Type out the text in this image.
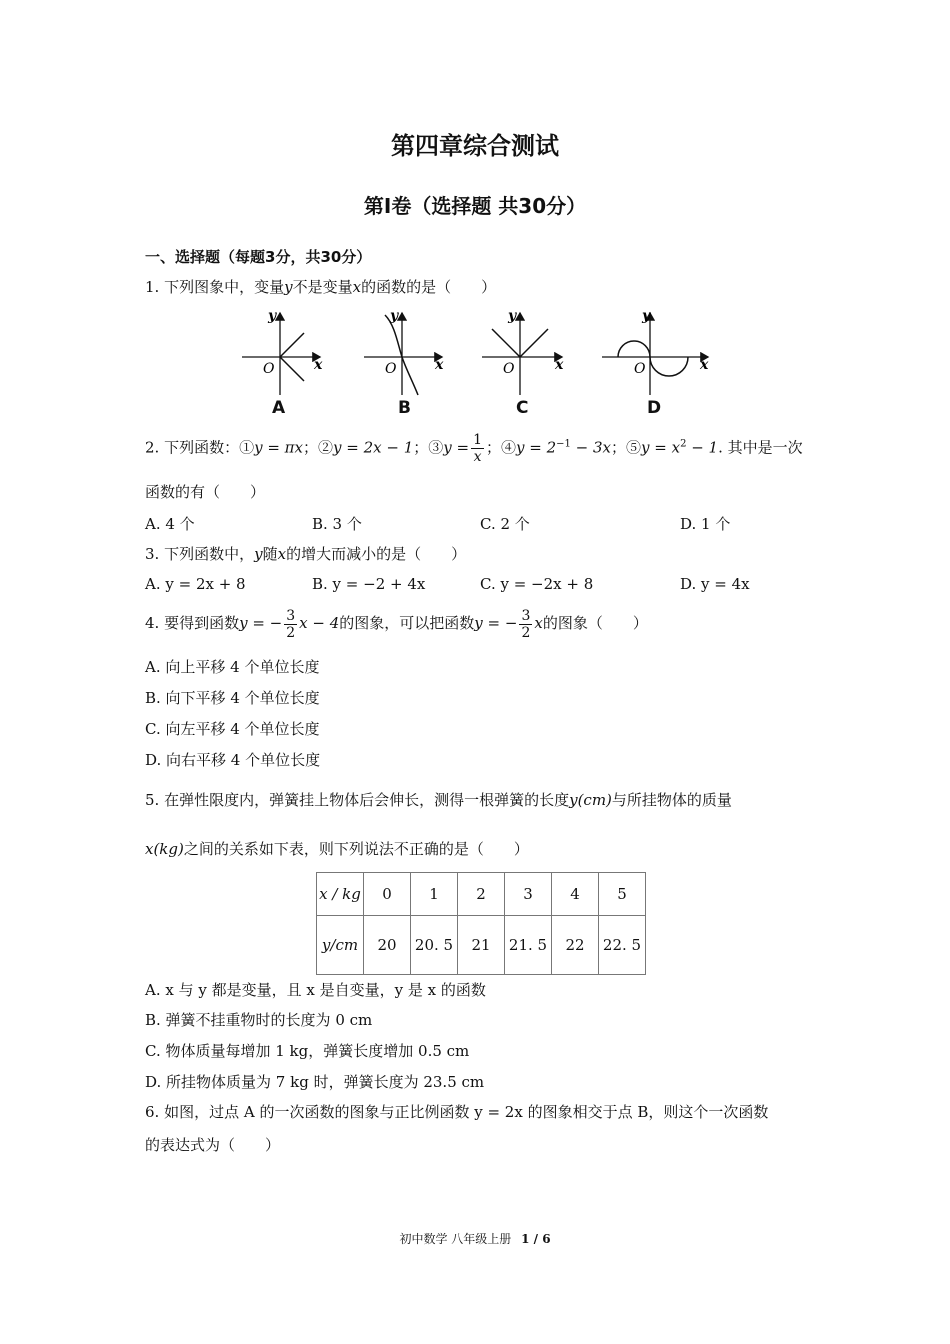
第四章综合测试
第Ⅰ卷（选择题 共30分）
一、选择题（每题3分，共30分）
1. 下列图象中，变量y不是变量x的函数的是（　　）
y
x
O
y
x
O
y
x
O
y
x
O
A	B	C	D
2. 下列函数：①y = πx；②y = 2x − 1；③y = $\frac{1}{x}$ ；④y = $2^{-1} - 3x$；⑤y = $x^2 - 1$. 其中是一次
函数的有（　　）
A. 4 个	B. 3 个	C. 2 个	D. 1 个
3. 下列函数中，y随x的增大而减小的是（　　）
A. y = 2x + 8	B. y = −2 + 4x	C. y = −2x + 8	D. y = 4x
4. 要得到函数y = − $\frac{3}{2}$ x − 4的图象，可以把函数y = − $\frac{3}{2}$ x的图象（　　）
A. 向上平移 4 个单位长度
B. 向下平移 4 个单位长度
C. 向左平移 4 个单位长度
D. 向右平移 4 个单位长度
5. 在弹性限度内，弹簧挂上物体后会伸长，测得一根弹簧的长度y(cm)与所挂物体的质量
x(kg)之间的关系如下表，则下列说法不正确的是（　　）
x / kg	0	1	2	3	4	5
y/cm	20	20. 5	21	21. 5	22	22. 5
A. x 与 y 都是变量，且 x 是自变量，y 是 x 的函数
B. 弹簧不挂重物时的长度为 0 cm
C. 物体质量每增加 1 kg，弹簧长度增加 0.5 cm
D. 所挂物体质量为 7 kg 时，弹簧长度为 23.5 cm
6. 如图，过点 A 的一次函数的图象与正比例函数 y = 2x 的图象相交于点 B，则这个一次函数
的表达式为（　　）
初中数学 八年级上册 1 / 6
